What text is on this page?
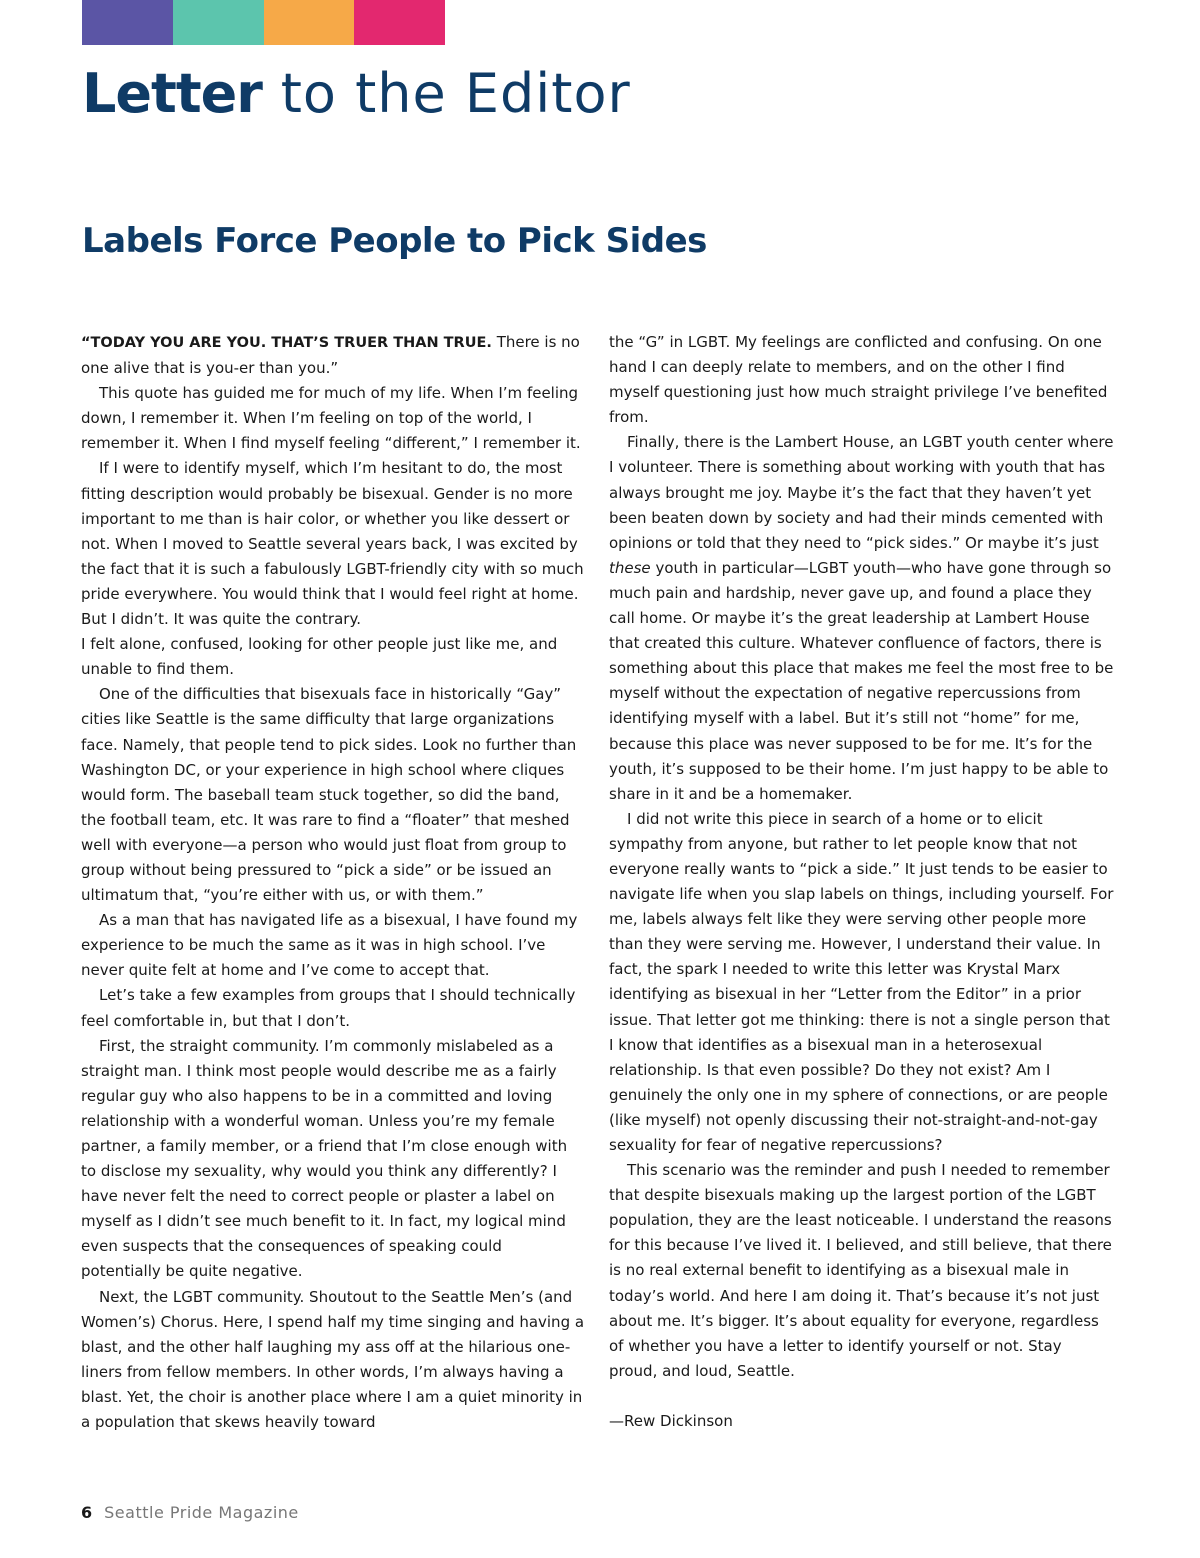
Letter to the Editor
Labels Force People to Pick Sides

“TODAY YOU ARE YOU. THAT’S TRUER THAN TRUE. There is no one alive that is you-er than you.”

This quote has guided me for much of my life. When I’m feeling down, I remember it. When I’m feeling on top of the world, I remember it. When I find myself feeling “different,” I remember it.

If I were to identify myself, which I’m hesitant to do, the most fitting description would probably be bisexual. Gender is no more important to me than is hair color, or whether you like dessert or not. When I moved to Seattle several years back, I was excited by the fact that it is such a fabulously LGBT-friendly city with so much pride everywhere. You would think that I would feel right at home. But I didn’t. It was quite the contrary.

I felt alone, confused, looking for other people just like me, and unable to find them.

One of the difficulties that bisexuals face in historically “Gay” cities like Seattle is the same difficulty that large organizations face. Namely, that people tend to pick sides. Look no further than Washington DC, or your experience in high school where cliques would form. The baseball team stuck together, so did the band, the football team, etc. It was rare to find a “floater” that meshed well with everyone—a person who would just float from group to group without being pressured to “pick a side” or be issued an ultimatum that, “you’re either with us, or with them.”

As a man that has navigated life as a bisexual, I have found my experience to be much the same as it was in high school. I’ve never quite felt at home and I’ve come to accept that.

Let’s take a few examples from groups that I should technically feel comfortable in, but that I don’t.

First, the straight community. I’m commonly mislabeled as a straight man. I think most people would describe me as a fairly regular guy who also happens to be in a committed and loving relationship with a wonderful woman. Unless you’re my female partner, a family member, or a friend that I’m close enough with to disclose my sexuality, why would you think any differently? I have never felt the need to correct people or plaster a label on myself as I didn’t see much benefit to it. In fact, my logical mind even suspects that the consequences of speaking could potentially be quite negative.

Next, the LGBT community. Shoutout to the Seattle Men’s (and Women’s) Chorus. Here, I spend half my time singing and having a blast, and the other half laughing my ass off at the hilarious one-liners from fellow members. In other words, I’m always having a blast. Yet, the choir is another place where I am a quiet minority in a population that skews heavily toward

the “G” in LGBT. My feelings are conflicted and confusing. On one hand I can deeply relate to members, and on the other I find myself questioning just how much straight privilege I’ve benefited from.

Finally, there is the Lambert House, an LGBT youth center where I volunteer. There is something about working with youth that has always brought me joy. Maybe it’s the fact that they haven’t yet been beaten down by society and had their minds cemented with opinions or told that they need to “pick sides.” Or maybe it’s just these youth in particular—LGBT youth—who have gone through so much pain and hardship, never gave up, and found a place they call home. Or maybe it’s the great leadership at Lambert House that created this culture. Whatever confluence of factors, there is something about this place that makes me feel the most free to be myself without the expectation of negative repercussions from identifying myself with a label. But it’s still not “home” for me, because this place was never supposed to be for me. It’s for the youth, it’s supposed to be their home. I’m just happy to be able to share in it and be a homemaker.

I did not write this piece in search of a home or to elicit sympathy from anyone, but rather to let people know that not everyone really wants to “pick a side.” It just tends to be easier to navigate life when you slap labels on things, including yourself. For me, labels always felt like they were serving other people more than they were serving me. However, I understand their value. In fact, the spark I needed to write this letter was Krystal Marx identifying as bisexual in her “Letter from the Editor” in a prior issue. That letter got me thinking: there is not a single person that I know that identifies as a bisexual man in a heterosexual relationship. Is that even possible? Do they not exist? Am I genuinely the only one in my sphere of connections, or are people (like myself) not openly discussing their not-straight-and-not-gay sexuality for fear of negative repercussions?

This scenario was the reminder and push I needed to remember that despite bisexuals making up the largest portion of the LGBT population, they are the least noticeable. I understand the reasons for this because I’ve lived it. I believed, and still believe, that there is no real external benefit to identifying as a bisexual male in today’s world. And here I am doing it. That’s because it’s not just about me. It’s bigger. It’s about equality for everyone, regardless of whether you have a letter to identify yourself or not. Stay proud, and loud, Seattle.

—Rew Dickinson

6 Seattle Pride Magazine
